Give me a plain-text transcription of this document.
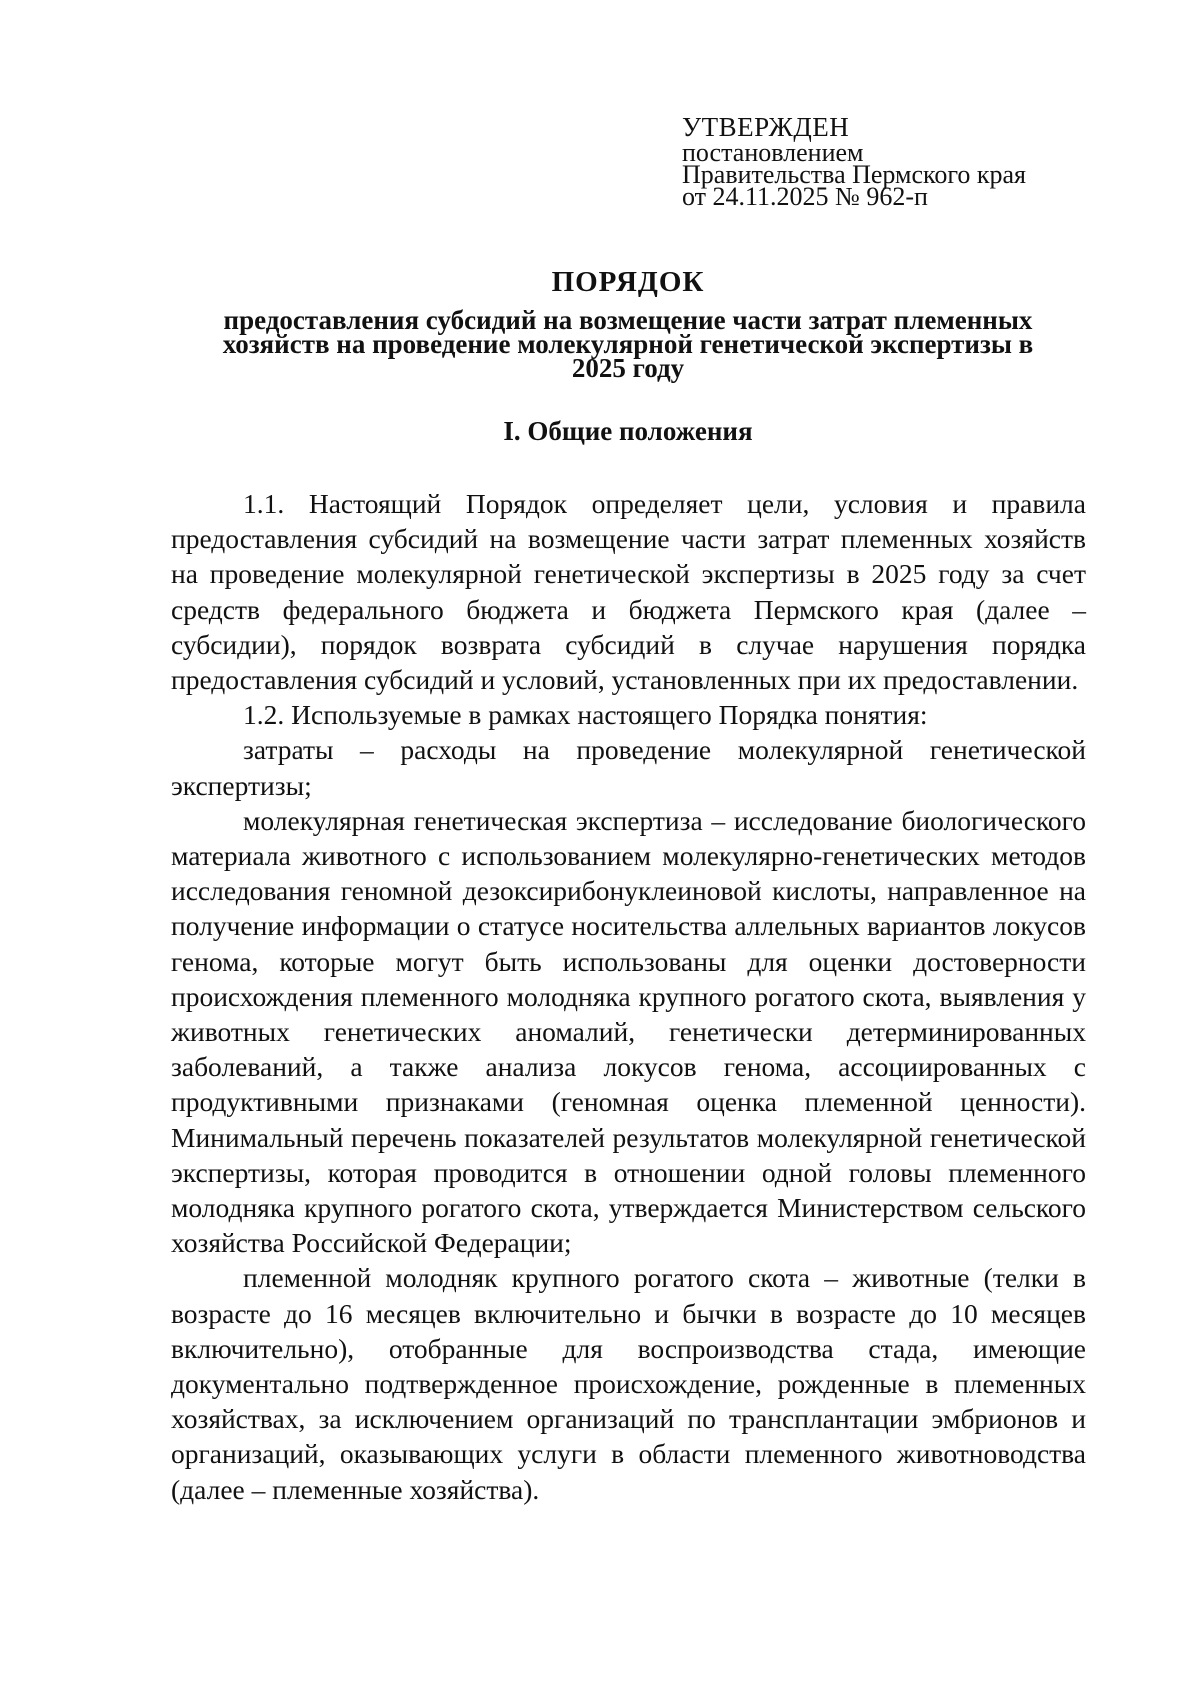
УТВЕРЖДЕН
постановлением
Правительства Пермского края
от 24.11.2025 № 962-п
ПОРЯДОК
предоставления субсидий на возмещение части затрат племенных хозяйств на проведение молекулярной генетической экспертизы в 2025 году
I. Общие положения

1.1. Настоящий Порядок определяет цели, условия и правила предоставления субсидий на возмещение части затрат племенных хозяйств на проведение молекулярной генетической экспертизы в 2025 году за счет средств федерального бюджета и бюджета Пермского края (далее – субсидии), порядок возврата субсидий в случае нарушения порядка предоставления субсидий и условий, установленных при их предоставлении.

1.2. Используемые в рамках настоящего Порядка понятия:

затраты – расходы на проведение молекулярной генетической экспертизы;

молекулярная генетическая экспертиза – исследование биологического материала животного с использованием молекулярно-генетических методов исследования геномной дезоксирибонуклеиновой кислоты, направленное на получение информации о статусе носительства аллельных вариантов локусов генома, которые могут быть использованы для оценки достоверности происхождения племенного молодняка крупного рогатого скота, выявления у животных генетических аномалий, генетически детерминированных заболеваний, а также анализа локусов генома, ассоциированных с продуктивными признаками (геномная оценка племенной ценности). Минимальный перечень показателей результатов молекулярной генетической экспертизы, которая проводится в отношении одной головы племенного молодняка крупного рогатого скота, утверждается Министерством сельского хозяйства Российской Федерации;

племенной молодняк крупного рогатого скота – животные (телки в возрасте до 16 месяцев включительно и бычки в возрасте до 10 месяцев включительно), отобранные для воспроизводства стада, имеющие документально подтвержденное происхождение, рожденные в племенных хозяйствах, за исключением организаций по трансплантации эмбрионов и организаций, оказывающих услуги в области племенного животноводства (далее – племенные хозяйства).
